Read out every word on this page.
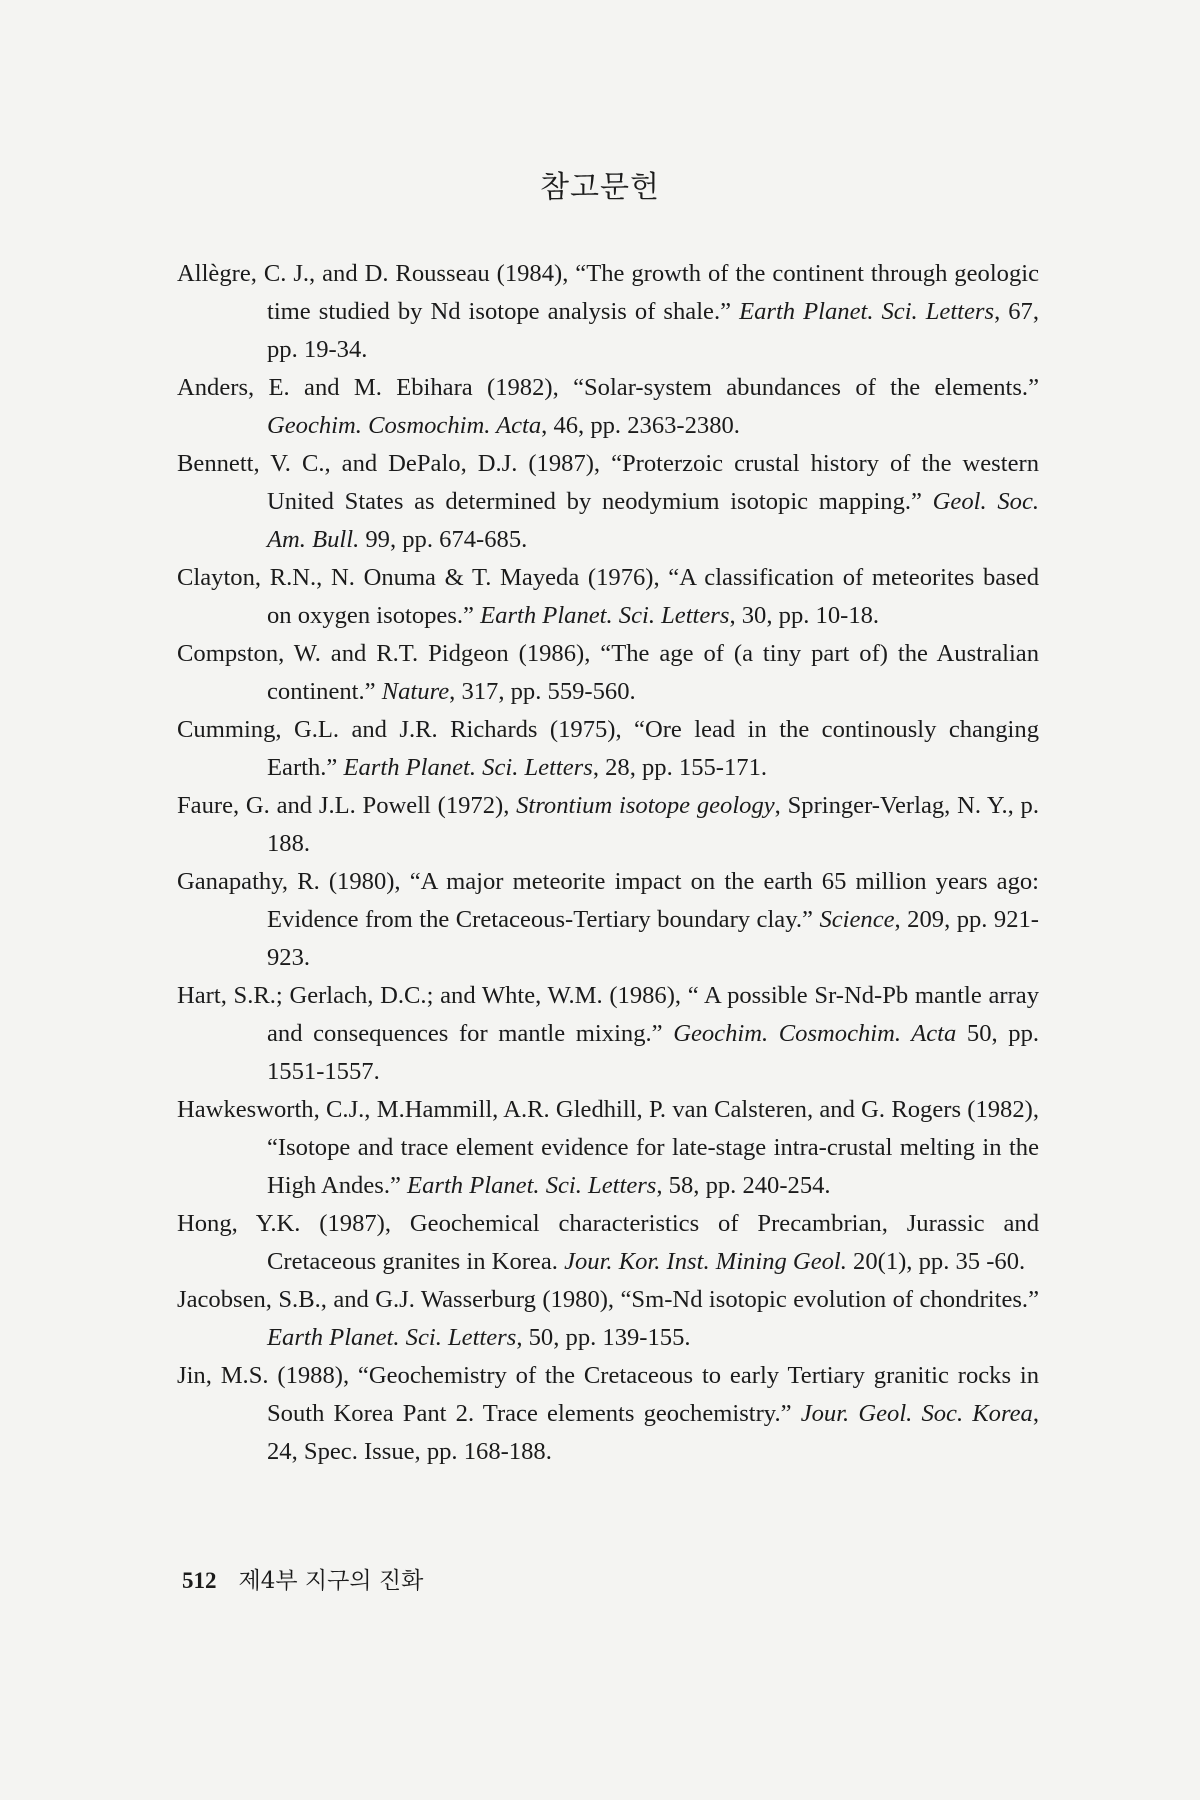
참고문헌
Allègre, C. J., and D. Rousseau (1984), “The growth of the continent through geologic time studied by Nd isotope analysis of shale.” Earth Planet. Sci. Letters, 67, pp. 19-34.
Anders, E. and M. Ebihara (1982), “Solar-system abundances of the elements.” Geochim. Cosmochim. Acta, 46, pp. 2363-2380.
Bennett, V. C., and DePalo, D.J. (1987), “Proterzoic crustal history of the western United States as determined by neodymium isotopic mapping.” Geol. Soc. Am. Bull. 99, pp. 674-685.
Clayton, R.N., N. Onuma & T. Mayeda (1976), “A classification of meteorites based on oxygen isotopes.” Earth Planet. Sci. Letters, 30, pp. 10-18.
Compston, W. and R.T. Pidgeon (1986), “The age of (a tiny part of) the Australian continent.” Nature, 317, pp. 559-560.
Cumming, G.L. and J.R. Richards (1975), “Ore lead in the continously changing Earth.” Earth Planet. Sci. Letters, 28, pp. 155-171.
Faure, G. and J.L. Powell (1972), Strontium isotope geology, Springer-Verlag, N. Y., p. 188.
Ganapathy, R. (1980), “A major meteorite impact on the earth 65 million years ago: Evidence from the Cretaceous-Tertiary boundary clay.” Science, 209, pp. 921-923.
Hart, S.R.; Gerlach, D.C.; and Whte, W.M. (1986), “ A possible Sr-Nd-Pb mantle array and consequences for mantle mixing.” Geochim. Cosmochim. Acta 50, pp. 1551-1557.
Hawkesworth, C.J., M.Hammill, A.R. Gledhill, P. van Calsteren, and G. Rogers (1982), “Isotope and trace element evidence for late-stage intra-crustal melting in the High Andes.” Earth Planet. Sci. Letters, 58, pp. 240-254.
Hong, Y.K. (1987), Geochemical characteristics of Precambrian, Jurassic and Cretaceous granites in Korea. Jour. Kor. Inst. Mining Geol. 20(1), pp. 35 -60.
Jacobsen, S.B., and G.J. Wasserburg (1980), “Sm-Nd isotopic evolution of chondrites.” Earth Planet. Sci. Letters, 50, pp. 139-155.
Jin, M.S. (1988), “Geochemistry of the Cretaceous to early Tertiary granitic rocks in South Korea Pant 2. Trace elements geochemistry.” Jour. Geol. Soc. Korea, 24, Spec. Issue, pp. 168-188.
512 제4부 지구의 진화
